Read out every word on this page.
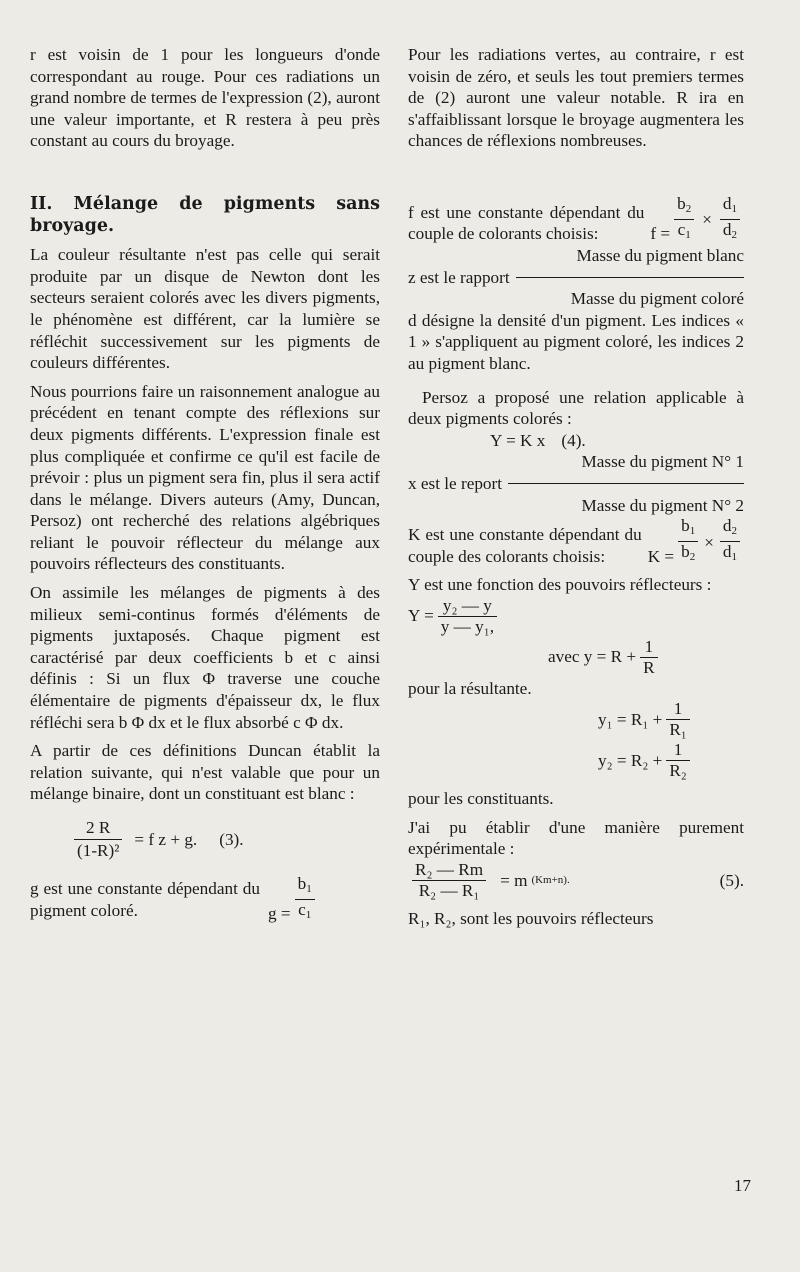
r est voisin de 1 pour les longueurs d'onde correspondant au rouge. Pour ces radiations un grand nombre de termes de l'expression (2), auront une valeur importante, et R restera à peu près constant au cours du broyage.

II. Mélange de pigments sans broyage.

La couleur résultante n'est pas celle qui serait produite par un disque de Newton dont les secteurs seraient colorés avec les divers pigments, le phénomène est différent, car la lumière se réfléchit successivement sur les pigments de couleurs différentes.

Nous pourrions faire un raisonnement analogue au précédent en tenant compte des réflexions sur deux pigments différents. L'expression finale est plus compliquée et confirme ce qu'il est facile de prévoir : plus un pigment sera fin, plus il sera actif dans le mélange. Divers auteurs (Amy, Duncan, Persoz) ont recherché des relations algébriques reliant le pouvoir réflecteur du mélange aux pouvoirs réflecteurs des constituants.

On assimile les mélanges de pigments à des milieux semi-continus formés d'éléments de pigments juxtaposés. Chaque pigment est caractérisé par deux coefficients b et c ainsi définis : Si un flux Φ traverse une couche élémentaire de pigments d'épaisseur dx, le flux réfléchi sera b Φ dx et le flux absorbé c Φ dx.

A partir de ces définitions Duncan établit la relation suivante, qui n'est valable que pour un mélange binaire, dont un constituant est blanc :

$\frac{2 R}{\text{(1-R)²}} = f$ z + g. (3).

g est une constante dépendant du pigment coloré.	$g = \frac{b_1}{c_1}$

Pour les radiations vertes, au contraire, r est voisin de zéro, et seuls les tout premiers termes de (2) auront une valeur notable. R ira en s'affaiblissant lorsque le broyage augmentera les chances de réflexions nombreuses.

f est une constante dépendant du couple de colorants choisis:	$f = \frac{b_2}{c_1} \times \frac{d_1}{d_2}$
Masse du pigment blanc
z est le rapport
Masse du pigment coloré

d désigne la densité d'un pigment. Les indices « 1 » s'appliquent au pigment coloré, les indices 2 au pigment blanc.

Persoz a proposé une relation applicable à deux pigments colorés :

Y = K x (4).
Masse du pigment N° 1
x est le report
Masse du pigment N° 2

K est une constante dépendant du couple des colorants choisis:	$K = \frac{b_1}{b_2} \times \frac{d_2}{d_1}$

Y est une fonction des pouvoirs réflecteurs :

$Y = \frac{\text{y₂ — y}}{\text{y — y₁,}}$
avec $y = R + \frac{1}{R}$

pour la résultante.

$y_1 = R_1 + \frac{1}{\text{R₁}}$
$y_2 = R_2 + \frac{1}{\text{R₂}}$

pour les constituants.

J'ai pu établir d'une manière purement expérimentale :

$\frac{\text{R₂ — Rm}}{\text{R₂ — R₁}} = m$ (Km+n).	(5).

R₁, R₂, sont les pouvoirs réflecteurs

17
